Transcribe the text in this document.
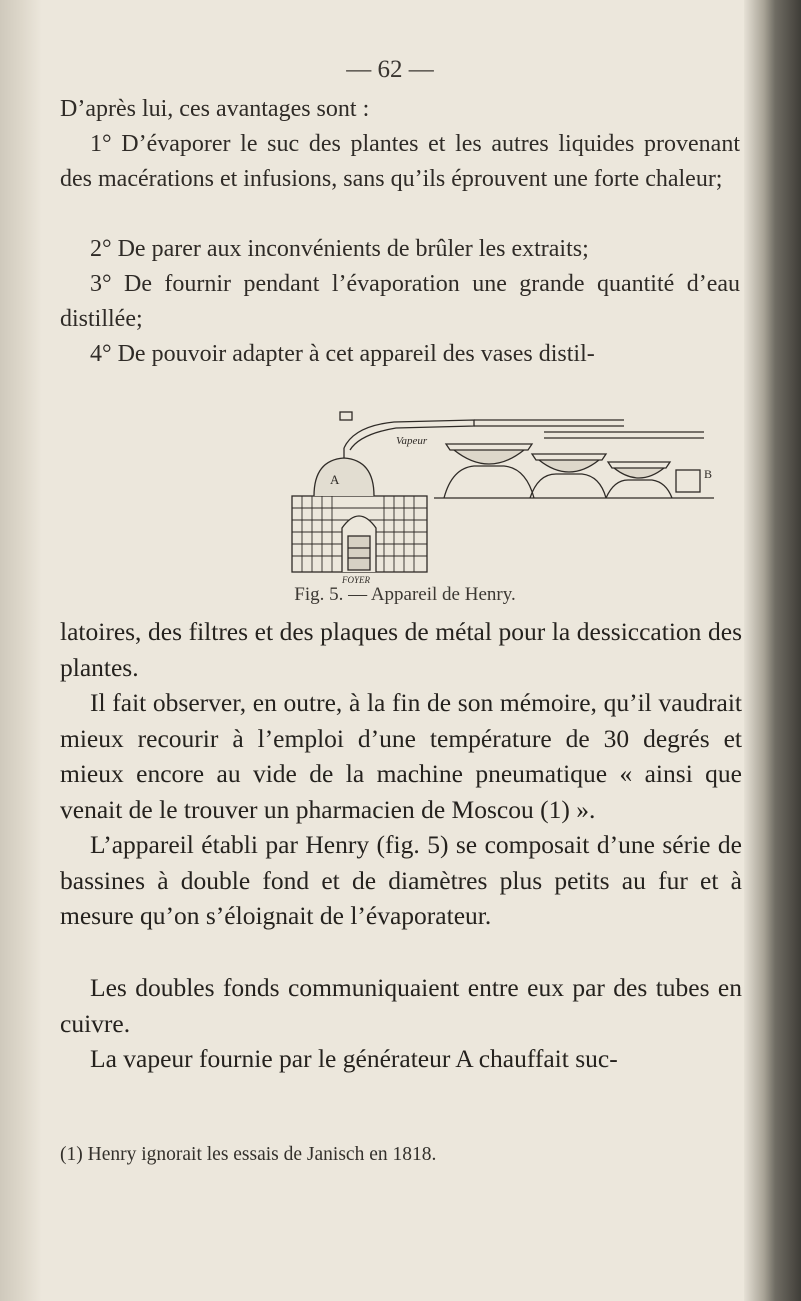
— 62 —

D’après lui, ces avantages sont :

1° D’évaporer le suc des plantes et les autres liquides provenant des macérations et infusions, sans qu’ils éprouvent une forte chaleur;

2° De parer aux inconvénients de brûler les extraits;

3° De fournir pendant l’évaporation une grande quantité d’eau distillée;

4° De pouvoir adapter à cet appareil des vases distil-

A
Vapeur
B
FOYER
Fig. 5. — Appareil de Henry.

latoires, des filtres et des plaques de métal pour la dessiccation des plantes.

Il fait observer, en outre, à la fin de son mémoire, qu’il vaudrait mieux recourir à l’emploi d’une température de 30 degrés et mieux encore au vide de la machine pneumatique « ainsi que venait de le trouver un pharmacien de Moscou (1) ».

L’appareil établi par Henry (fig. 5) se composait d’une série de bassines à double fond et de diamètres plus petits au fur et à mesure qu’on s’éloignait de l’évaporateur.

Les doubles fonds communiquaient entre eux par des tubes en cuivre.

La vapeur fournie par le générateur A chauffait suc-

(1) Henry ignorait les essais de Janisch en 1818.
